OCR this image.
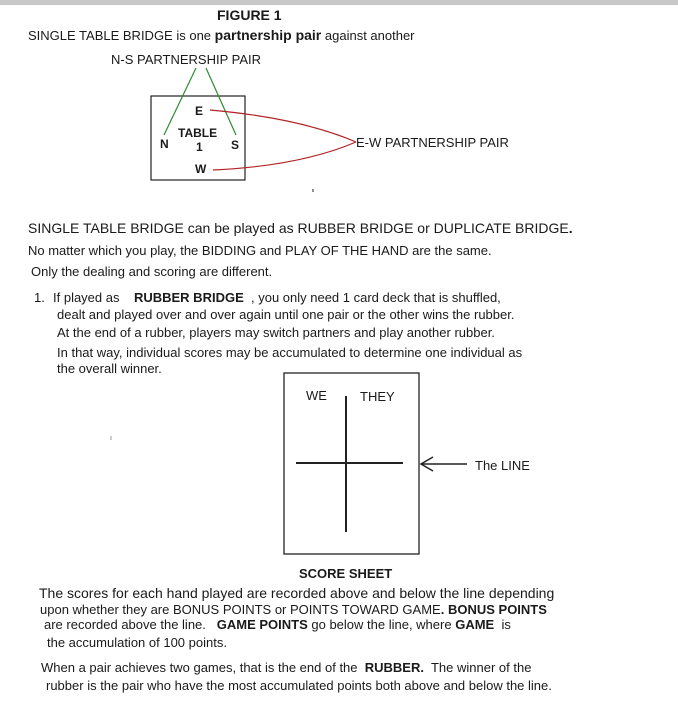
FIGURE 1
SINGLE TABLE BRIDGE is one partnership pair against another
N-S PARTNERSHIP PAIR
E-W PARTNERSHIP PAIR
E
N	S
W
TABLE
1
SINGLE TABLE BRIDGE can be played as RUBBER BRIDGE or DUPLICATE BRIDGE.
No matter which you play, the BIDDING and PLAY OF THE HAND are the same.
Only the dealing and scoring are different.
1. If played as RUBBER BRIDGE , you only need 1 card deck that is shuffled,
dealt and played over and over again until one pair or the other wins the rubber.
At the end of a rubber, players may switch partners and play another rubber.
In that way, individual scores may be accumulated to determine one individual as
the overall winner.
WE	THEY
The LINE
SCORE SHEET
The scores for each hand played are recorded above and below the line depending
upon whether they are BONUS POINTS or POINTS TOWARD GAME. BONUS POINTS
are recorded above the line. GAME POINTS go below the line, where GAME is
the accumulation of 100 points.
When a pair achieves two games, that is the end of the RUBBER. The winner of the
rubber is the pair who have the most accumulated points both above and below the line.
